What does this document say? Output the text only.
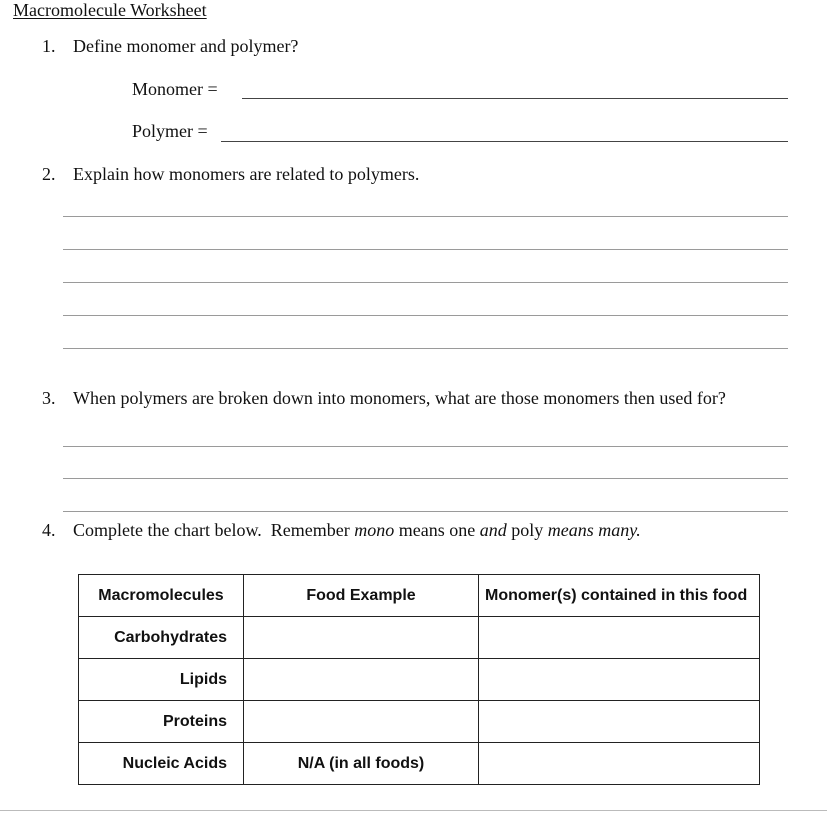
Macromolecule Worksheet
1. Define monomer and polymer?
Monomer =
Polymer =
2. Explain how monomers are related to polymers.
3. When polymers are broken down into monomers, what are those monomers then used for?
4. Complete the chart below.  Remember mono means one and poly means many.
Macromolecules	Food Example	Monomer(s) contained in this food
Carbohydrates		
Lipids		
Proteins		
Nucleic Acids	N/A (in all foods)	
